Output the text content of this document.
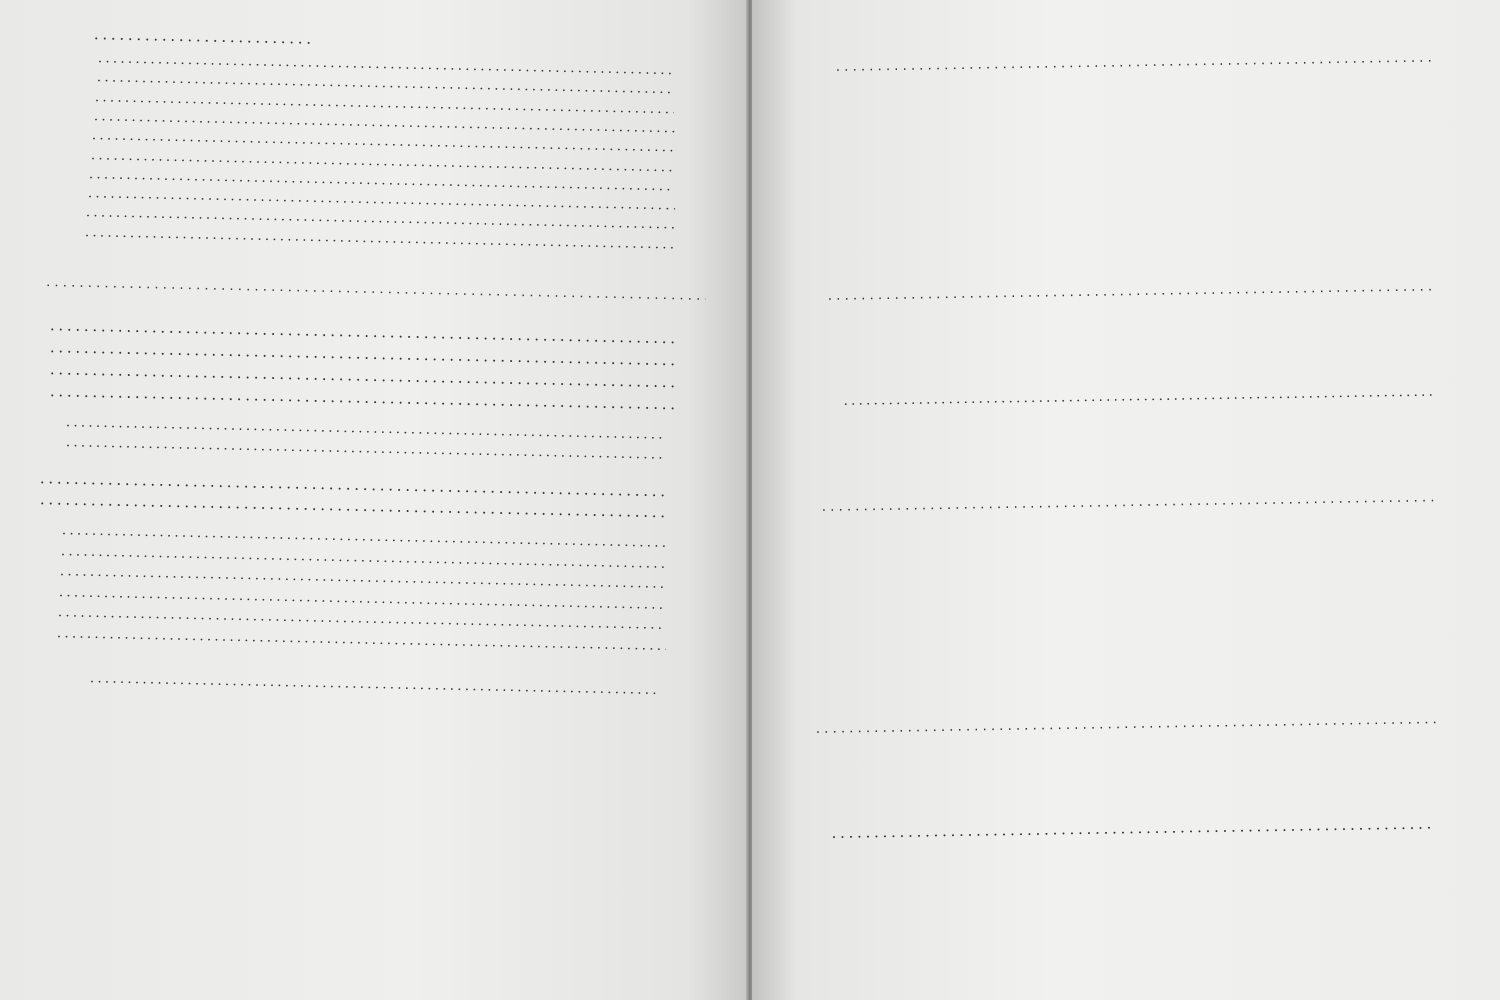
. . .
. . .
. . .
. . .
. . .
. . .
. . .
. . .
. . .
. . .
. . .
. . .
. . .
. . .
. . .
. . .
. . .
. . .
. . .
. . .
. . .
. . .
. . .
. . .
. . .
. . .
. . .
. . .
. . .
. . .
. . .
. . .
. . .
